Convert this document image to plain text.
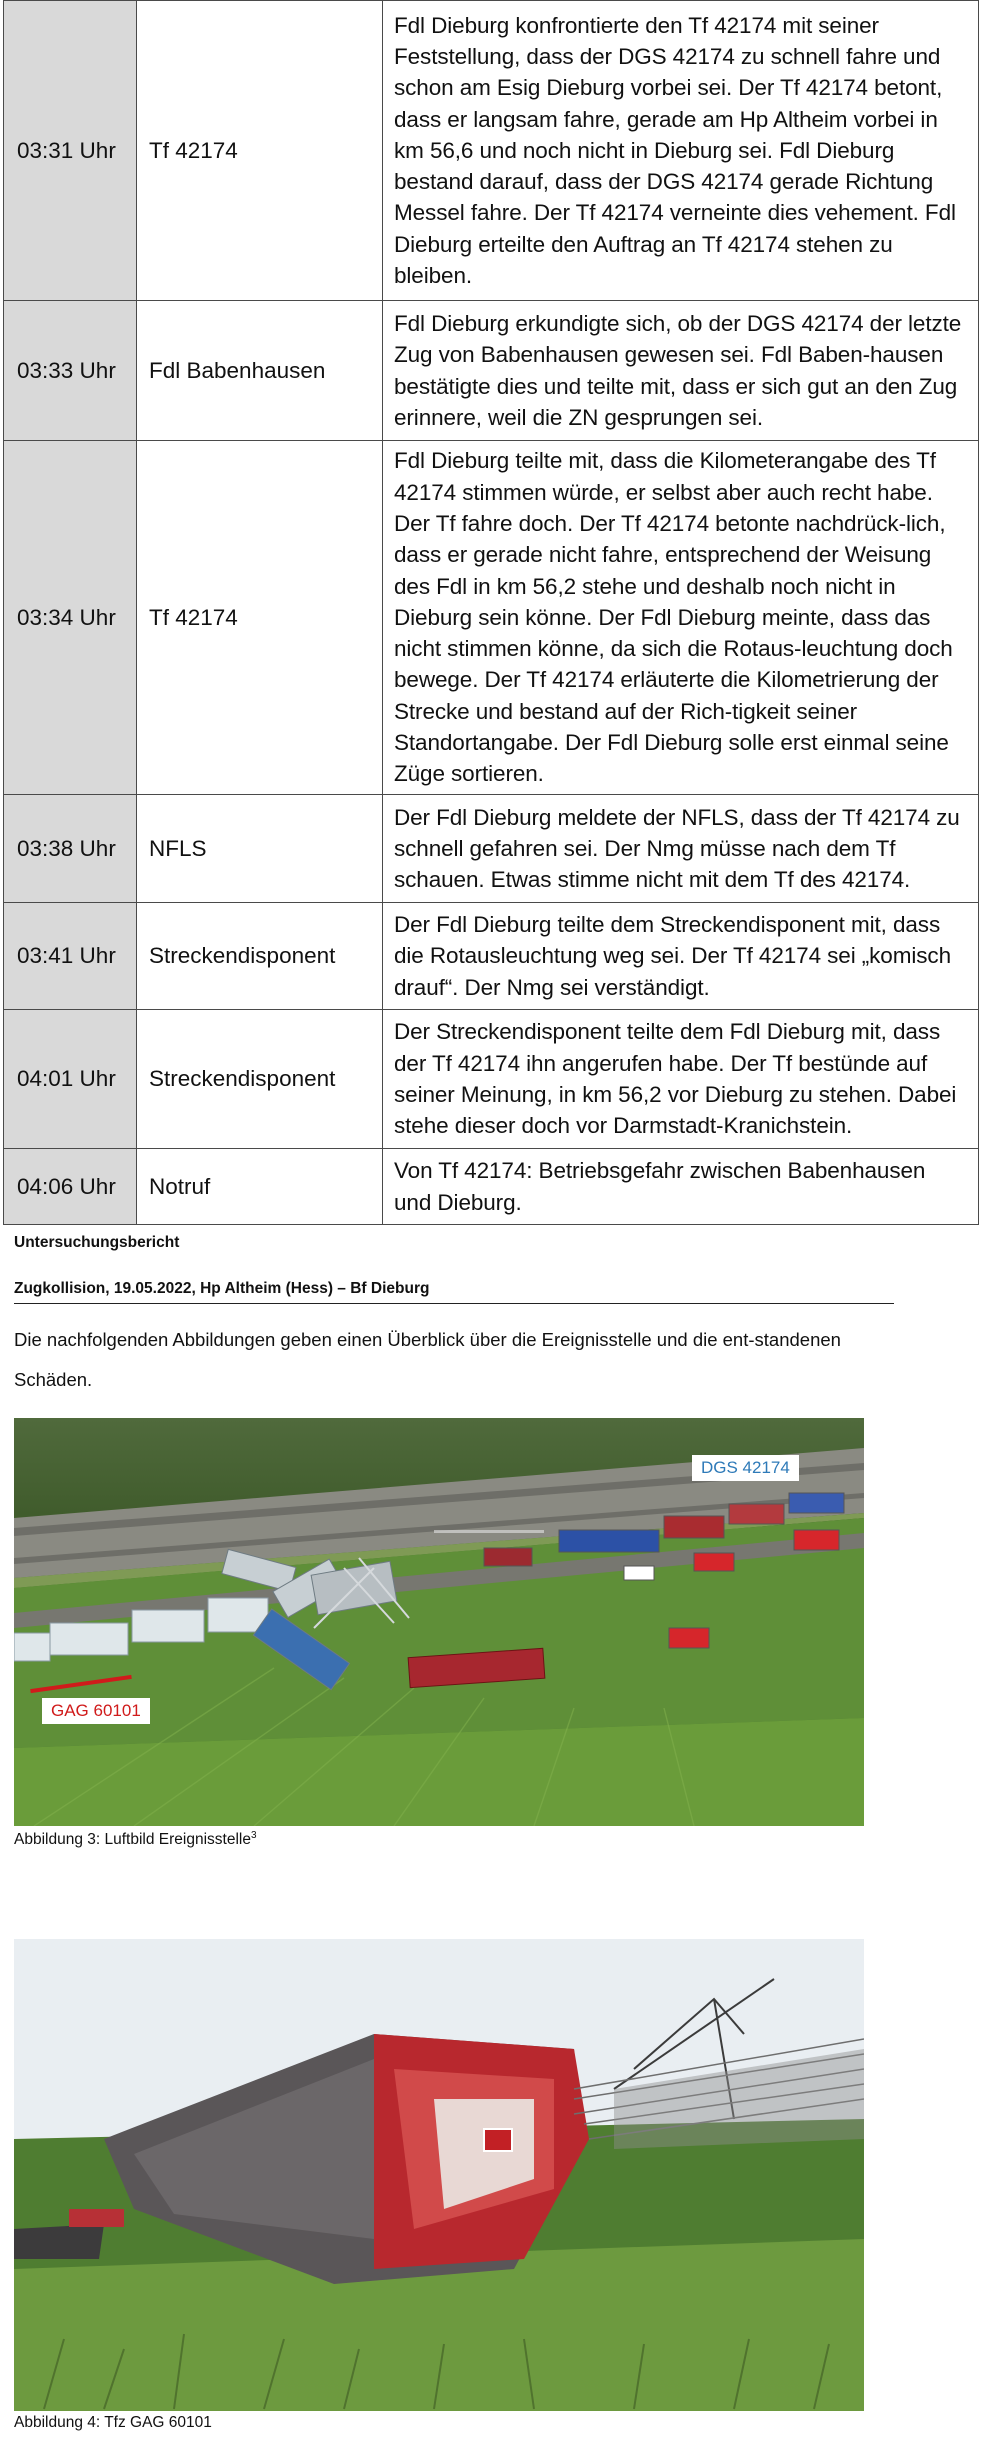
03:31 Uhr	Tf 42174	Fdl Dieburg konfrontierte den Tf 42174 mit seiner Feststellung, dass der DGS 42174 zu schnell fahre und schon am Esig Dieburg vorbei sei. Der Tf 42174 betont, dass er langsam fahre, gerade am Hp Altheim vorbei in km 56,6 und noch nicht in Dieburg sei. Fdl Dieburg bestand darauf, dass der DGS 42174 gerade Richtung Messel fahre. Der Tf 42174 verneinte dies vehement. Fdl Dieburg erteilte den Auftrag an Tf 42174 stehen zu bleiben.
03:33 Uhr	Fdl Babenhausen	Fdl Dieburg erkundigte sich, ob der DGS 42174 der letzte Zug von Babenhausen gewesen sei. Fdl Baben-hausen bestätigte dies und teilte mit, dass er sich gut an den Zug erinnere, weil die ZN gesprungen sei.
03:34 Uhr	Tf 42174	Fdl Dieburg teilte mit, dass die Kilometerangabe des Tf 42174 stimmen würde, er selbst aber auch recht habe. Der Tf fahre doch. Der Tf 42174 betonte nachdrück-lich, dass er gerade nicht fahre, entsprechend der Weisung des Fdl in km 56,2 stehe und deshalb noch nicht in Dieburg sein könne. Der Fdl Dieburg meinte, dass das nicht stimmen könne, da sich die Rotaus-leuchtung doch bewege. Der Tf 42174 erläuterte die Kilometrierung der Strecke und bestand auf der Rich-tigkeit seiner Standortangabe. Der Fdl Dieburg solle erst einmal seine Züge sortieren.
03:38 Uhr	NFLS	Der Fdl Dieburg meldete der NFLS, dass der Tf 42174 zu schnell gefahren sei. Der Nmg müsse nach dem Tf schauen. Etwas stimme nicht mit dem Tf des 42174.
03:41 Uhr	Streckendisponent	Der Fdl Dieburg teilte dem Streckendisponent mit, dass die Rotausleuchtung weg sei. Der Tf 42174 sei „komisch drauf“. Der Nmg sei verständigt.
04:01 Uhr	Streckendisponent	Der Streckendisponent teilte dem Fdl Dieburg mit, dass der Tf 42174 ihn angerufen habe. Der Tf bestünde auf seiner Meinung, in km 56,2 vor Dieburg zu stehen. Dabei stehe dieser doch vor Darmstadt-Kranichstein.
04:06 Uhr	Notruf	Von Tf 42174: Betriebsgefahr zwischen Babenhausen und Dieburg.
Untersuchungsbericht
Zugkollision, 19.05.2022, Hp Altheim (Hess) – Bf Dieburg

Die nachfolgenden Abbildungen geben einen Überblick über die Ereignisstelle und die ent-standenen Schäden.

DGS 42174
GAG 60101
Abbildung 3: Luftbild Ereignisstelle$^3$
Abbildung 4: Tfz GAG 60101
